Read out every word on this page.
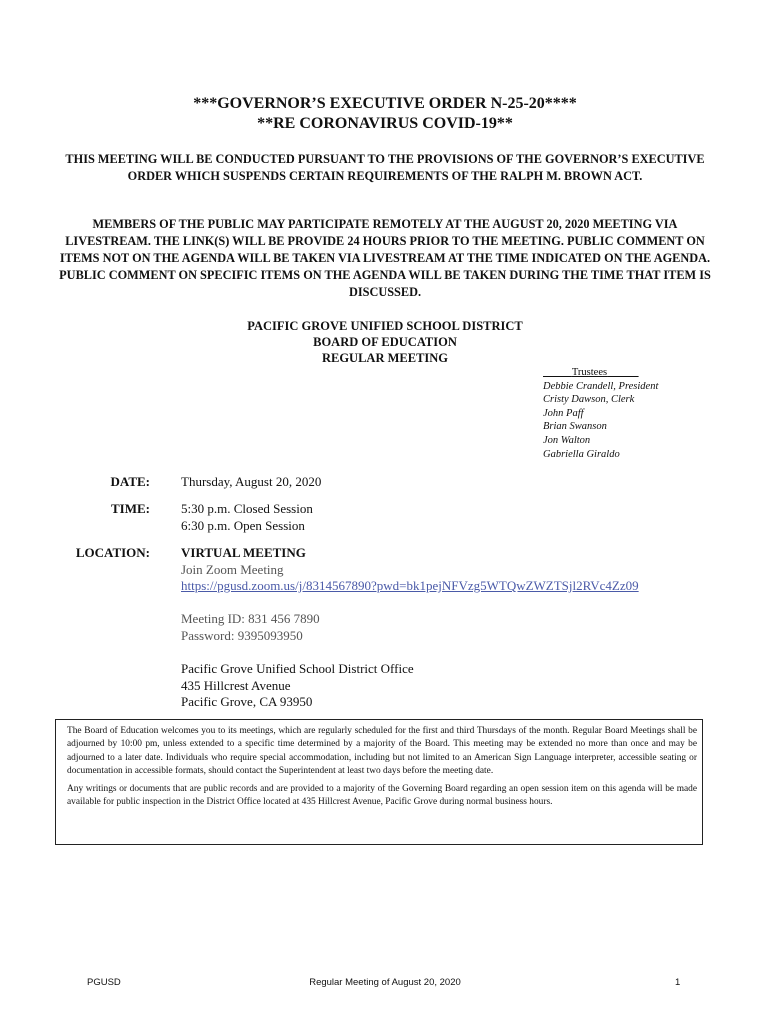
***GOVERNOR’S EXECUTIVE ORDER N-25-20****
**RE CORONAVIRUS COVID-19**
THIS MEETING WILL BE CONDUCTED PURSUANT TO THE PROVISIONS OF THE GOVERNOR’S EXECUTIVE ORDER WHICH SUSPENDS CERTAIN REQUIREMENTS OF THE RALPH M. BROWN ACT.
MEMBERS OF THE PUBLIC MAY PARTICIPATE REMOTELY AT THE AUGUST 20, 2020 MEETING VIA LIVESTREAM. THE LINK(S) WILL BE PROVIDE 24 HOURS PRIOR TO THE MEETING. PUBLIC COMMENT ON ITEMS NOT ON THE AGENDA WILL BE TAKEN VIA LIVESTREAM AT THE TIME INDICATED ON THE AGENDA. PUBLIC COMMENT ON SPECIFIC ITEMS ON THE AGENDA WILL BE TAKEN DURING THE TIME THAT ITEM IS DISCUSSED.
PACIFIC GROVE UNIFIED SCHOOL DISTRICT
BOARD OF EDUCATION
REGULAR MEETING
Trustees
Debbie Crandell, President
Cristy Dawson, Clerk
John Paff
Brian Swanson
Jon Walton
Gabriella Giraldo
DATE: Thursday, August 20, 2020
TIME: 5:30 p.m. Closed Session
6:30 p.m. Open Session
LOCATION: VIRTUAL MEETING
Join Zoom Meeting
https://pgusd.zoom.us/j/8314567890?pwd=bk1pejNFVzg5WTQwZWZTSjl2RVc4Zz09
Meeting ID: 831 456 7890
Password: 9395093950
Pacific Grove Unified School District Office
435 Hillcrest Avenue
Pacific Grove, CA 93950

The Board of Education welcomes you to its meetings, which are regularly scheduled for the first and third Thursdays of the month. Regular Board Meetings shall be adjourned by 10:00 pm, unless extended to a specific time determined by a majority of the Board. This meeting may be extended no more than once and may be adjourned to a later date. Individuals who require special accommodation, including but not limited to an American Sign Language interpreter, accessible seating or documentation in accessible formats, should contact the Superintendent at least two days before the meeting date.

Any writings or documents that are public records and are provided to a majority of the Governing Board regarding an open session item on this agenda will be made available for public inspection in the District Office located at 435 Hillcrest Avenue, Pacific Grove during normal business hours.

PGUSD	Regular Meeting of August 20, 2020	1
